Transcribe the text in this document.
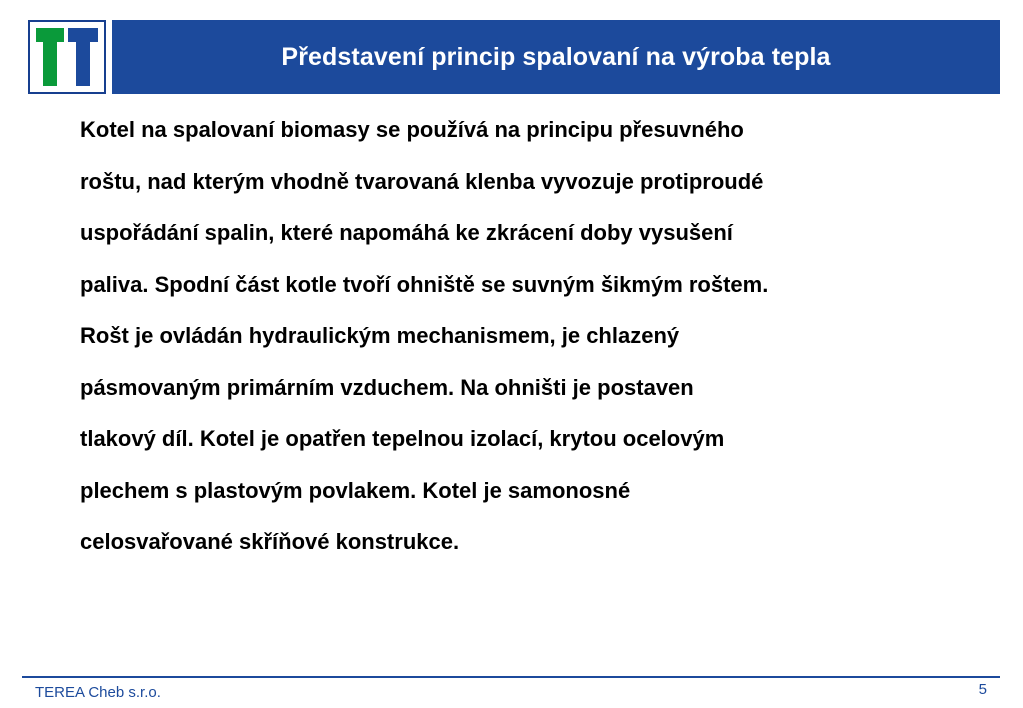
Představení princip spalovaní na výroba tepla

Kotel na spalovaní biomasy se používá na principu přesuvného
roštu, nad kterým vhodně tvarovaná klenba vyvozuje protiproudé
uspořádání spalin, které napomáhá ke zkrácení doby vysušení
paliva. Spodní část kotle tvoří ohniště se suvným šikmým roštem.
Rošt je ovládán hydraulickým mechanismem, je chlazený
pásmovaným primárním vzduchem. Na ohništi je postaven
tlakový díl. Kotel je opatřen tepelnou izolací, krytou ocelovým
plechem s plastovým povlakem. Kotel je samonosné
celosvařované skříňové konstrukce.

TEREA Cheb s.r.o.	5
